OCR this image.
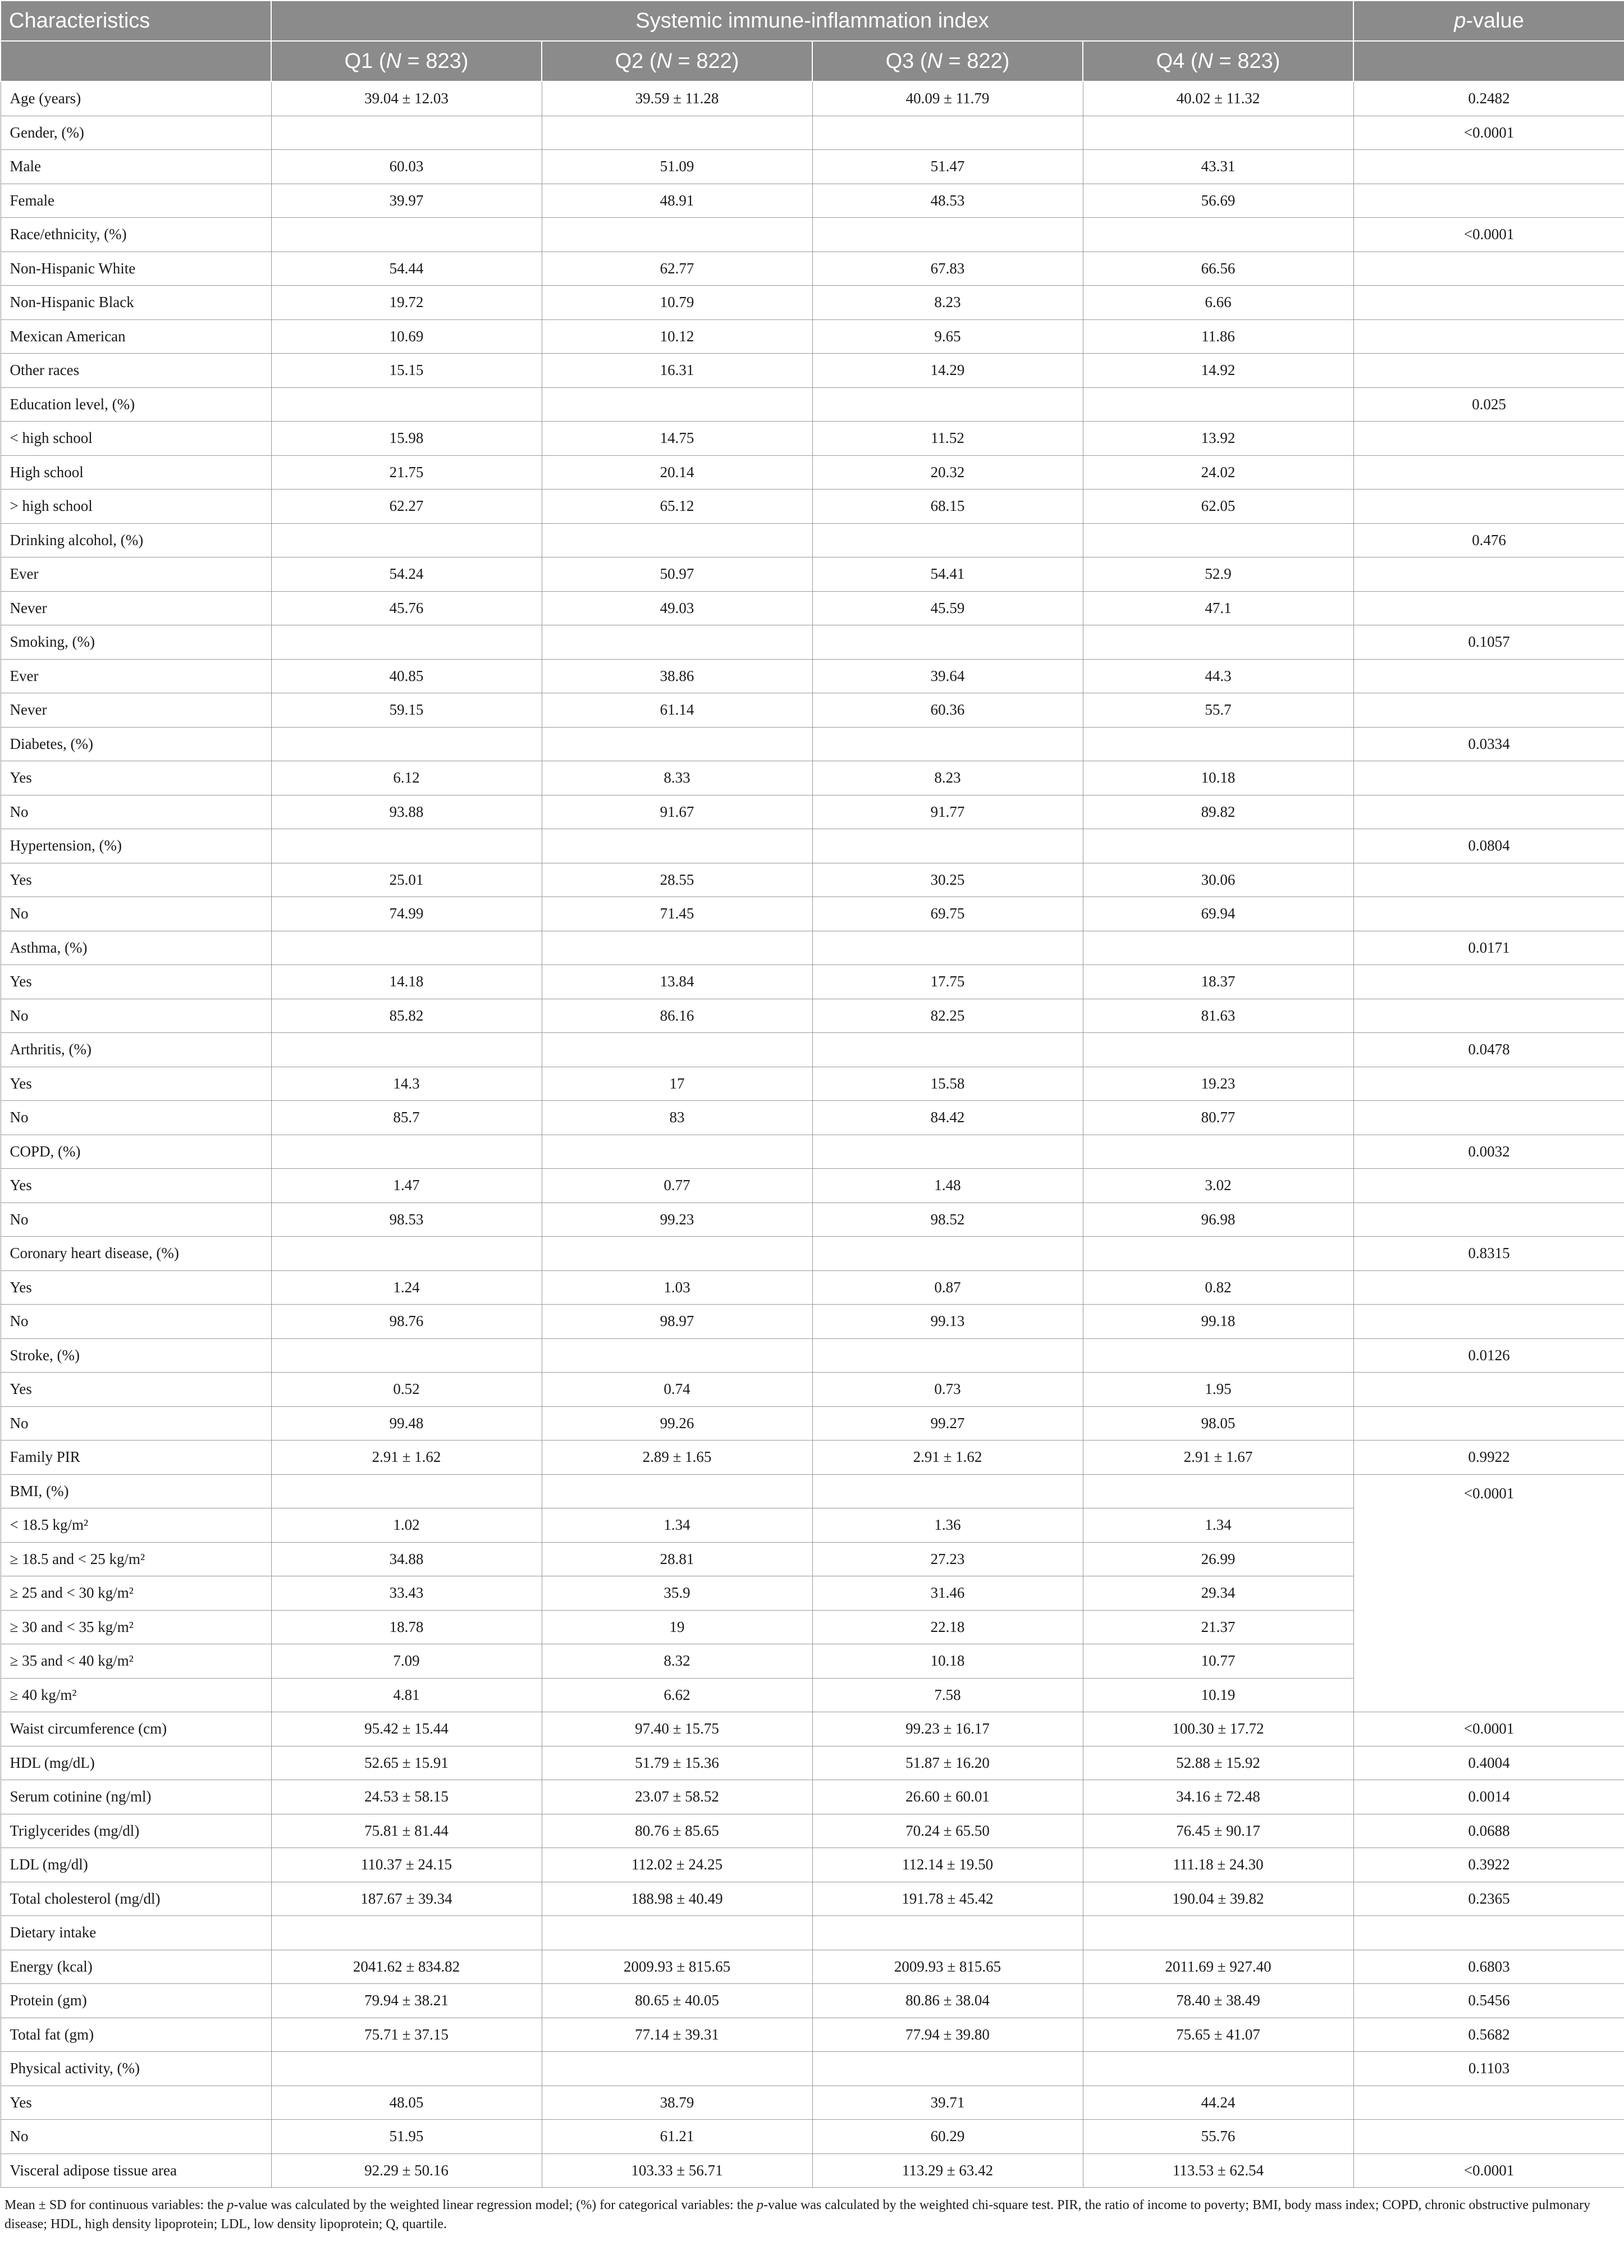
Characteristics	Systemic immune-inflammation index				p-value
	Q1 (N = 823)	Q2 (N = 822)	Q3 (N = 822)	Q4 (N = 823)	
Age (years)	39.04 ± 12.03	39.59 ± 11.28	40.09 ± 11.79	40.02 ± 11.32	0.2482
Gender, (%)					<0.0001
Male	60.03	51.09	51.47	43.31	
Female	39.97	48.91	48.53	56.69	
Race/ethnicity, (%)					<0.0001
Non-Hispanic White	54.44	62.77	67.83	66.56	
Non-Hispanic Black	19.72	10.79	8.23	6.66	
Mexican American	10.69	10.12	9.65	11.86	
Other races	15.15	16.31	14.29	14.92	
Education level, (%)					0.025
< high school	15.98	14.75	11.52	13.92	
High school	21.75	20.14	20.32	24.02	
> high school	62.27	65.12	68.15	62.05	
Drinking alcohol, (%)					0.476
Ever	54.24	50.97	54.41	52.9	
Never	45.76	49.03	45.59	47.1	
Smoking, (%)					0.1057
Ever	40.85	38.86	39.64	44.3	
Never	59.15	61.14	60.36	55.7	
Diabetes, (%)					0.0334
Yes	6.12	8.33	8.23	10.18	
No	93.88	91.67	91.77	89.82	
Hypertension, (%)					0.0804
Yes	25.01	28.55	30.25	30.06	
No	74.99	71.45	69.75	69.94	
Asthma, (%)					0.0171
Yes	14.18	13.84	17.75	18.37	
No	85.82	86.16	82.25	81.63	
Arthritis, (%)					0.0478
Yes	14.3	17	15.58	19.23	
No	85.7	83	84.42	80.77	
COPD, (%)					0.0032
Yes	1.47	0.77	1.48	3.02	
No	98.53	99.23	98.52	96.98	
Coronary heart disease, (%)					0.8315
Yes	1.24	1.03	0.87	0.82	
No	98.76	98.97	99.13	99.18	
Stroke, (%)					0.0126
Yes	0.52	0.74	0.73	1.95	
No	99.48	99.26	99.27	98.05	
Family PIR	2.91 ± 1.62	2.89 ± 1.65	2.91 ± 1.62	2.91 ± 1.67	0.9922
BMI, (%)					<0.0001
< 18.5 kg/m²	1.02	1.34	1.36	1.34	
≥ 18.5 and < 25 kg/m²	34.88	28.81	27.23	26.99	
≥ 25 and < 30 kg/m²	33.43	35.9	31.46	29.34	
≥ 30 and < 35 kg/m²	18.78	19	22.18	21.37	
≥ 35 and < 40 kg/m²	7.09	8.32	10.18	10.77	
≥ 40 kg/m²	4.81	6.62	7.58	10.19	
Waist circumference (cm)	95.42 ± 15.44	97.40 ± 15.75	99.23 ± 16.17	100.30 ± 17.72	<0.0001
HDL (mg/dL)	52.65 ± 15.91	51.79 ± 15.36	51.87 ± 16.20	52.88 ± 15.92	0.4004
Serum cotinine (ng/ml)	24.53 ± 58.15	23.07 ± 58.52	26.60 ± 60.01	34.16 ± 72.48	0.0014
Triglycerides (mg/dl)	75.81 ± 81.44	80.76 ± 85.65	70.24 ± 65.50	76.45 ± 90.17	0.0688
LDL (mg/dl)	110.37 ± 24.15	112.02 ± 24.25	112.14 ± 19.50	111.18 ± 24.30	0.3922
Total cholesterol (mg/dl)	187.67 ± 39.34	188.98 ± 40.49	191.78 ± 45.42	190.04 ± 39.82	0.2365
Dietary intake					
Energy (kcal)	2041.62 ± 834.82	2009.93 ± 815.65	2009.93 ± 815.65	2011.69 ± 927.40	0.6803
Protein (gm)	79.94 ± 38.21	80.65 ± 40.05	80.86 ± 38.04	78.40 ± 38.49	0.5456
Total fat (gm)	75.71 ± 37.15	77.14 ± 39.31	77.94 ± 39.80	75.65 ± 41.07	0.5682
Physical activity, (%)					0.1103
Yes	48.05	38.79	39.71	44.24	
No	51.95	61.21	60.29	55.76	
Visceral adipose tissue area	92.29 ± 50.16	103.33 ± 56.71	113.29 ± 63.42	113.53 ± 62.54	<0.0001
Mean ± SD for continuous variables: the p-value was calculated by the weighted linear regression model; (%) for categorical variables: the p-value was calculated by the weighted chi-square test. PIR, the ratio of income to poverty; BMI, body mass index; COPD, chronic obstructive pulmonary disease; HDL, high density lipoprotein; LDL, low density lipoprotein; Q, quartile.
